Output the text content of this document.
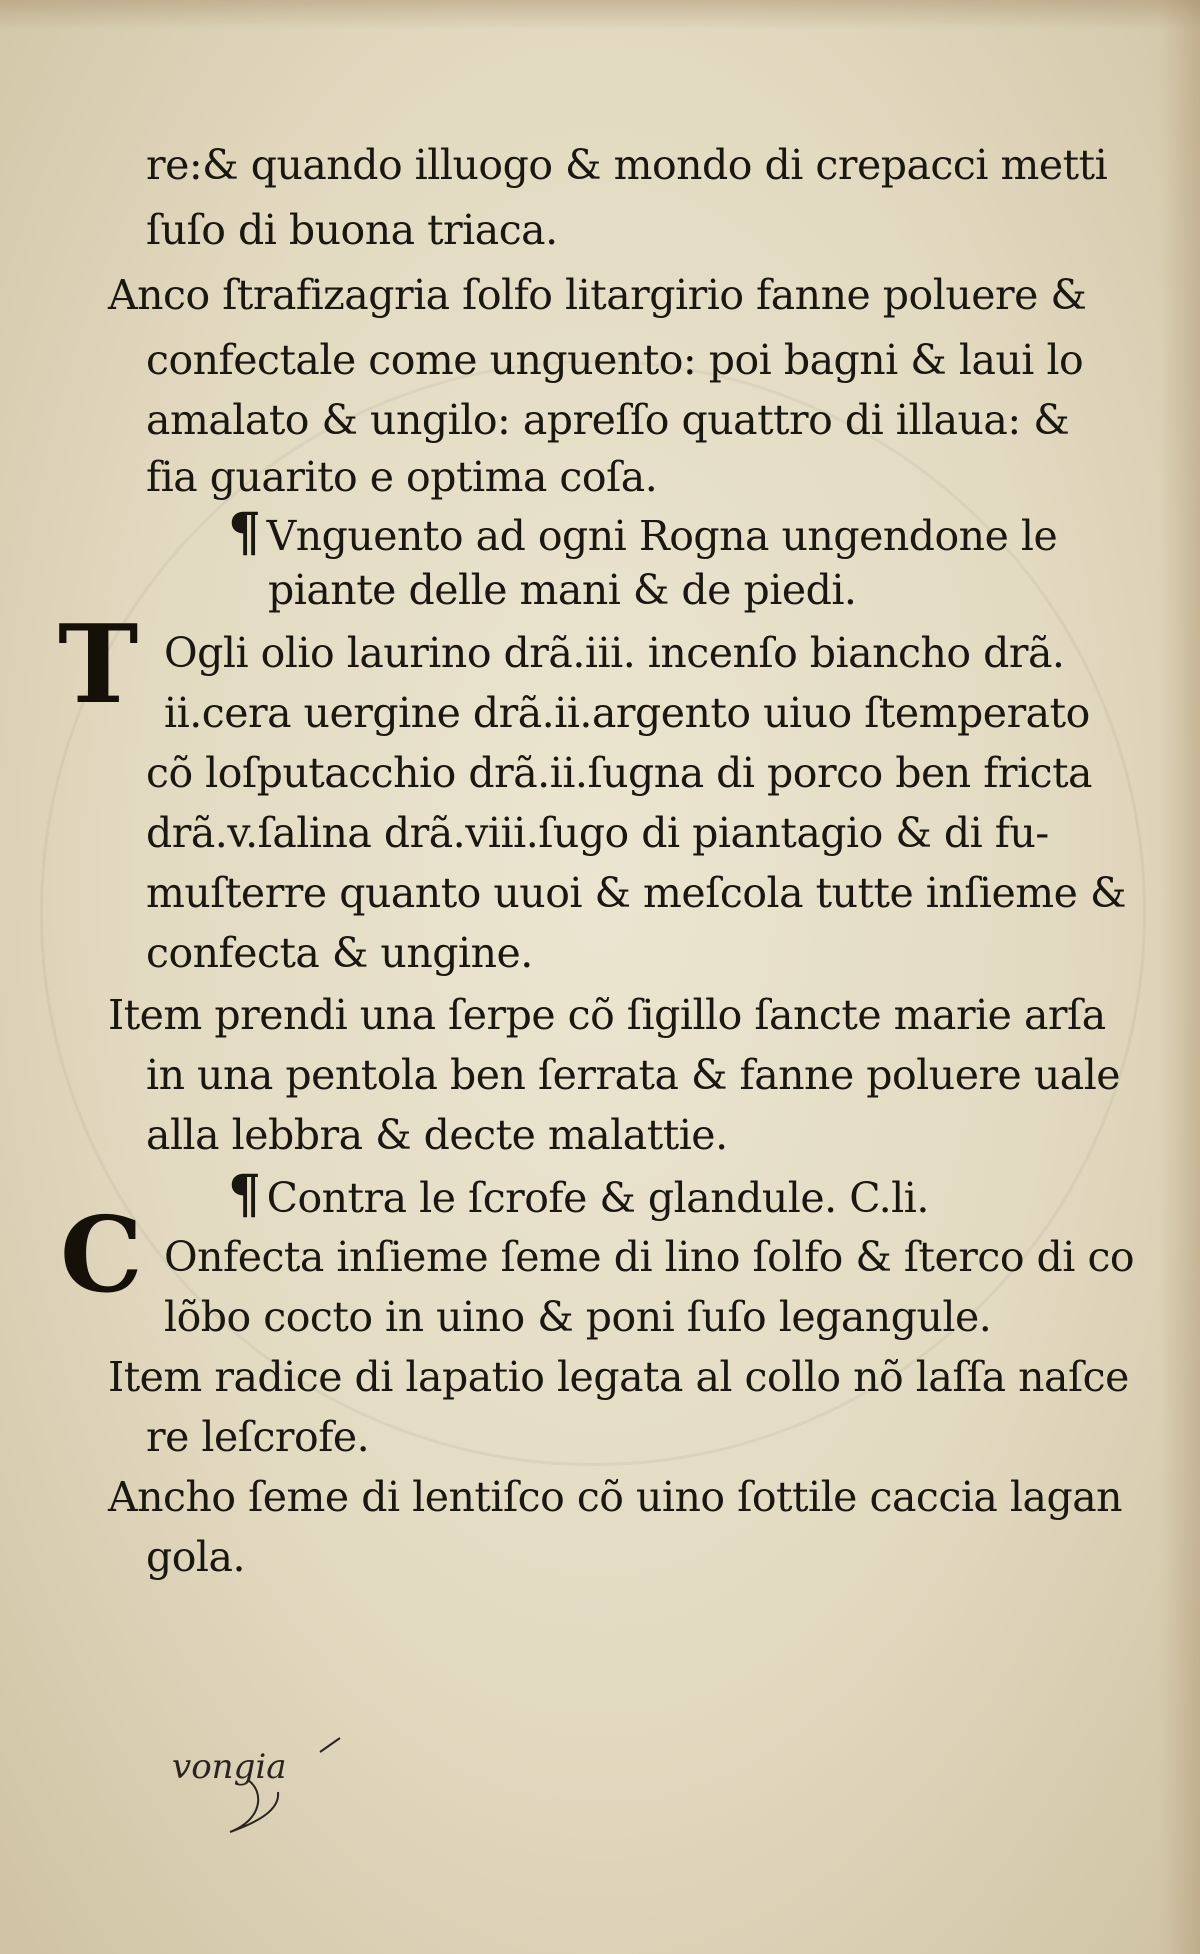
re:& quando illuogo & mondo di crepacci metti
ſuſo di buona triaca.
Anco ſtrafizagria ſolfo litargirio fanne poluere &
confectale come unguento: poi bagni & laui lo
amalato & ungilo: apreſſo quattro di illaua: &
fia guarito e optima coſa.
¶ Vnguento ad ogni Rogna ungendone le
piante delle mani & de piedi.
T Ogli olio laurino drã.iii. incenſo biancho drã.
ii.cera uergine drã.ii.argento uiuo ſtemperato
cõ loſputacchio drã.ii.ſugna di porco ben fricta
drã.v.ſalina drã.viii.ſugo di piantagio & di fu-
muſterre quanto uuoi & meſcola tutte inſieme &
confecta & ungine.
Item prendi una ſerpe cõ ſigillo ſancte marie arſa
in una pentola ben ſerrata & fanne poluere uale
alla lebbra & decte malattie.
¶ Contra le ſcrofe & glandule. C.li.
C Onfecta inſieme ſeme di lino ſolfo & ſterco di co
lõbo cocto in uino & poni ſuſo legangule.
Item radice di lapatio legata al collo nõ laſſa naſce
re leſcrofe.
Ancho ſeme di lentiſco cõ uino ſottile caccia lagan
gola.
vongia
